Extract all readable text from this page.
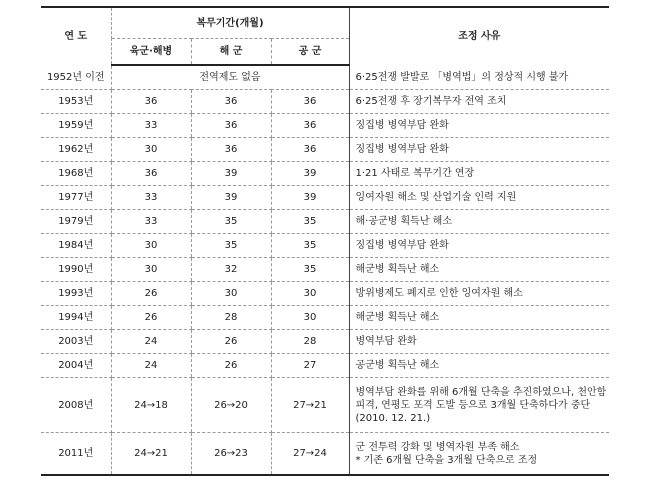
연 도	복무기간(개월)			조정 사유
	육군·해병	해 군	공 군	
1952년 이전	전역제도 없음			6·25전쟁 발발로 「병역법」의 정상적 시행 불가
1953년	36	36	36	6·25전쟁 후 장기복무자 전역 조치
1959년	33	36	36	징집병 병역부담 완화
1962년	30	36	36	징집병 병역부담 완화
1968년	36	39	39	1·21 사태로 복무기간 연장
1977년	33	39	39	잉여자원 해소 및 산업기술 인력 지원
1979년	33	35	35	해·공군병 획득난 해소
1984년	30	35	35	징집병 병역부담 완화
1990년	30	32	35	해군병 획득난 해소
1993년	26	30	30	방위병제도 폐지로 인한 잉여자원 해소
1994년	26	28	30	해군병 획득난 해소
2003년	24	26	28	병역부담 완화
2004년	24	26	27	공군병 획득난 해소
2008년	24→18	26→20	27→21	병역부담 완화를 위해 6개월 단축을 추진하였으나, 천안함
피격, 연평도 포격 도발 등으로 3개월 단축하다가 중단
(2010. 12. 21.)

2011년	24→21	26→23	27→24	군 전투력 강화 및 병역자원 부족 해소
* 기존 6개월 단축을 3개월 단축으로 조정
